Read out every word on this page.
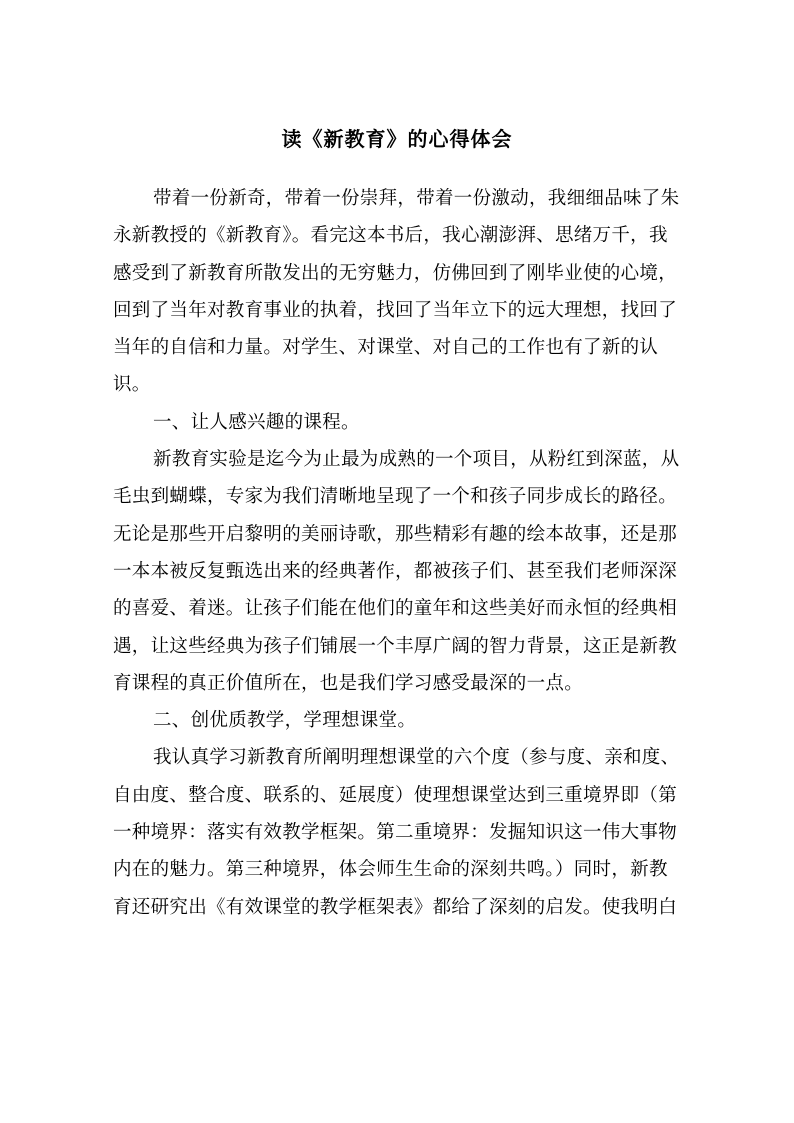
读《新教育》的心得体会
带着一份新奇，带着一份崇拜，带着一份激动，我细细品味了朱
永新教授的《新教育》。看完这本书后，我心潮澎湃、思绪万千，我
感受到了新教育所散发出的无穷魅力，仿佛回到了刚毕业使的心境，
回到了当年对教育事业的执着，找回了当年立下的远大理想，找回了
当年的自信和力量。对学生、对课堂、对自己的工作也有了新的认
识。
一、让人感兴趣的课程。
新教育实验是迄今为止最为成熟的一个项目，从粉红到深蓝，从
毛虫到蝴蝶，专家为我们清晰地呈现了一个和孩子同步成长的路径。
无论是那些开启黎明的美丽诗歌，那些精彩有趣的绘本故事，还是那
一本本被反复甄选出来的经典著作，都被孩子们、甚至我们老师深深
的喜爱、着迷。让孩子们能在他们的童年和这些美好而永恒的经典相
遇，让这些经典为孩子们铺展一个丰厚广阔的智力背景，这正是新教
育课程的真正价值所在，也是我们学习感受最深的一点。
二、创优质教学，学理想课堂。
我认真学习新教育所阐明理想课堂的六个度（参与度、亲和度、
自由度、整合度、联系的、延展度）使理想课堂达到三重境界即（第
一种境界：落实有效教学框架。第二重境界：发掘知识这一伟大事物
内在的魅力。第三种境界，体会师生生命的深刻共鸣。）同时，新教
育还研究出《有效课堂的教学框架表》都给了深刻的启发。使我明白
